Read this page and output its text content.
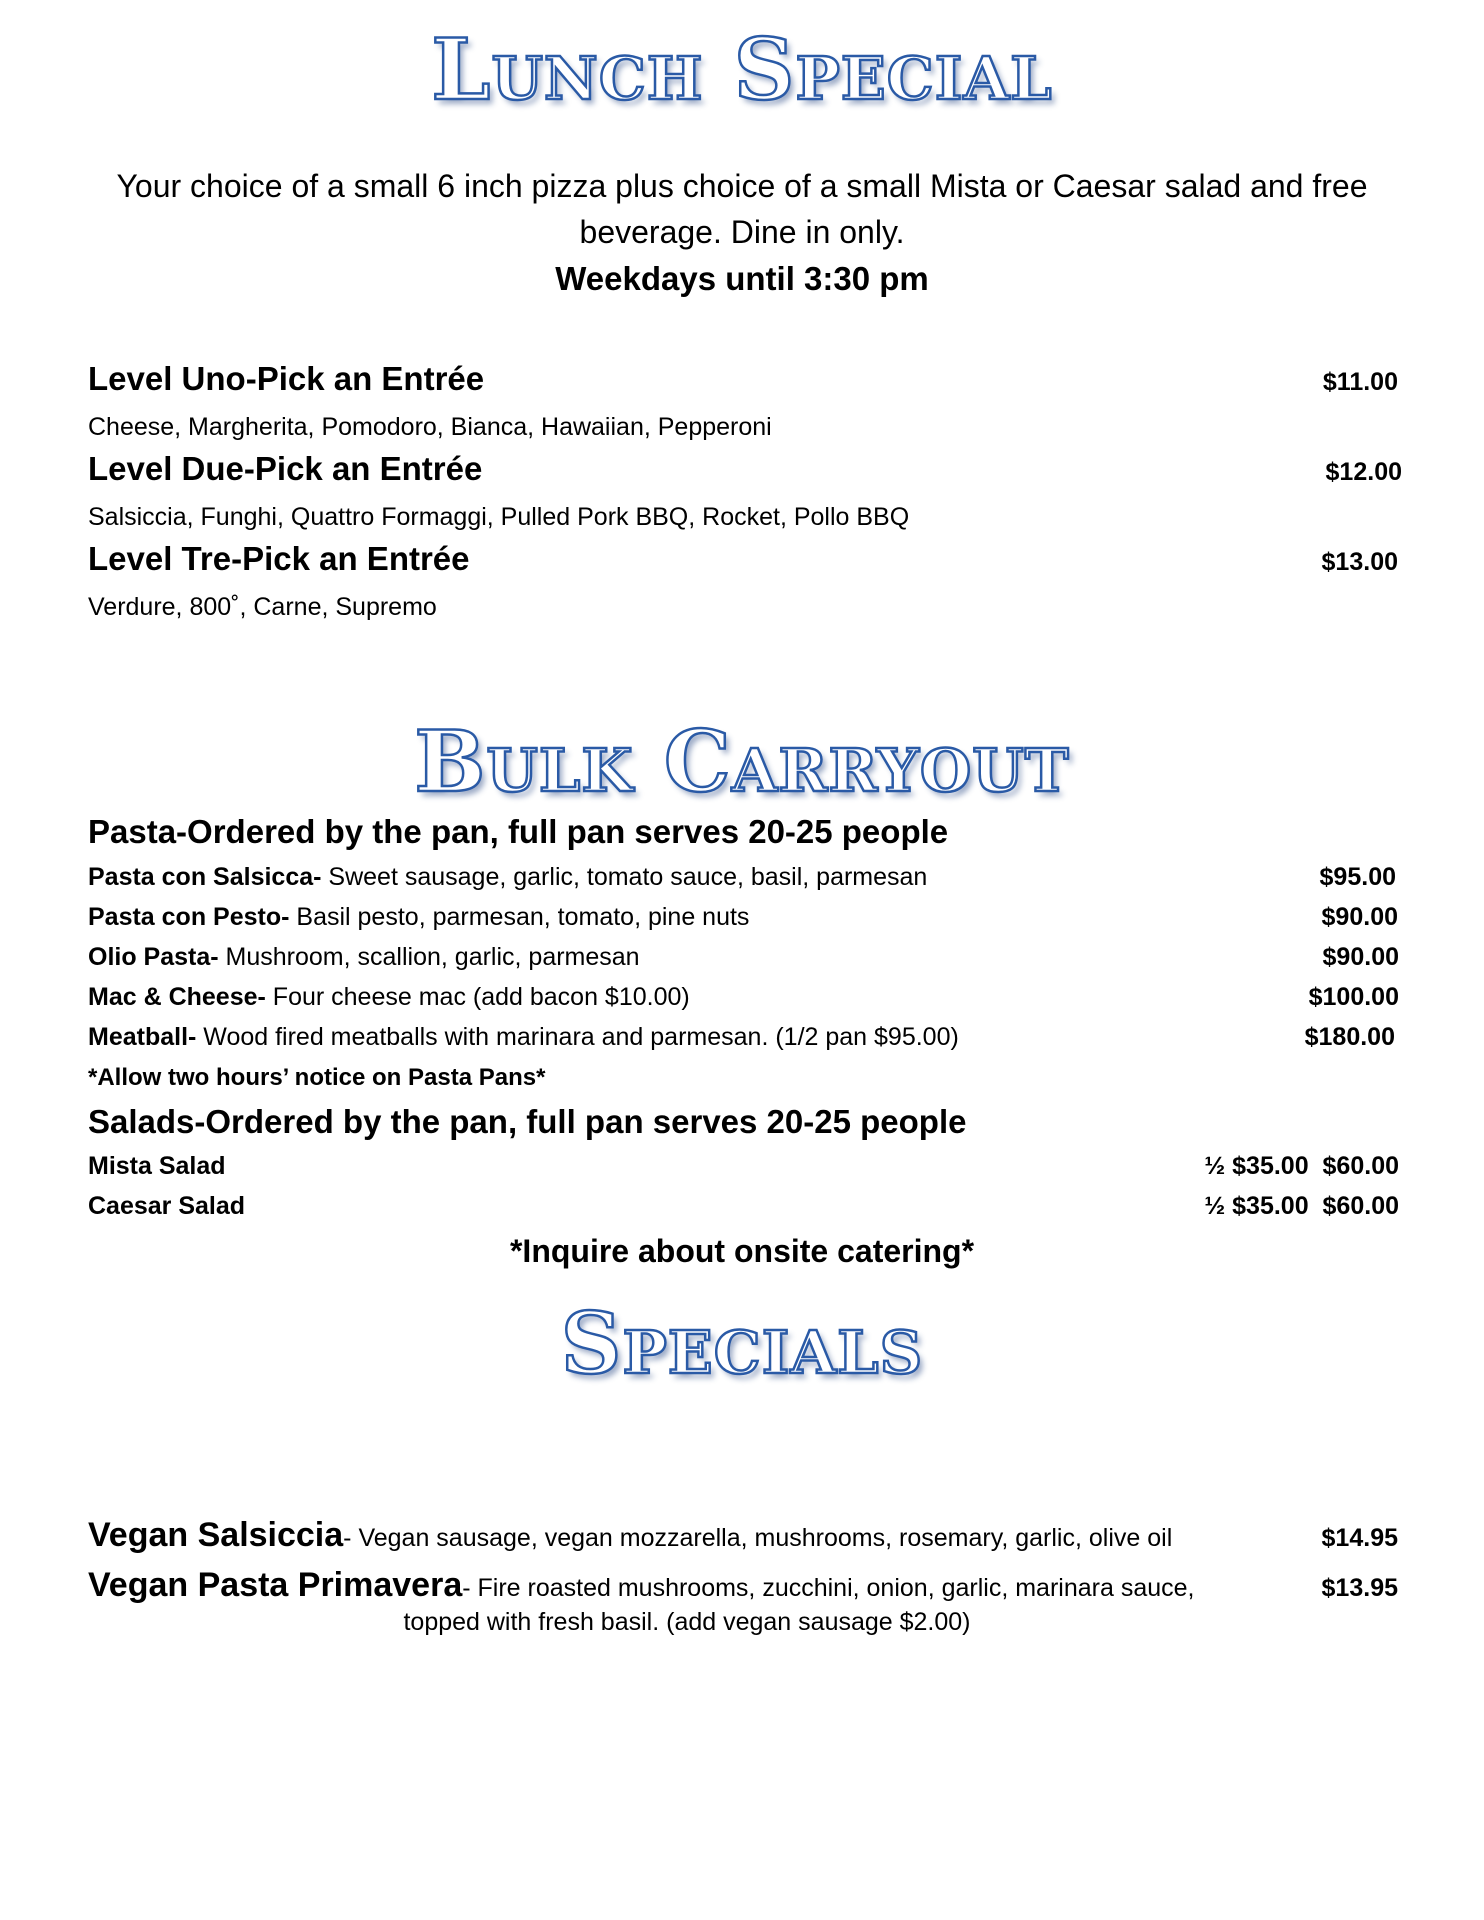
Lunch Special
Your choice of a small 6 inch pizza plus choice of a small Mista or Caesar salad and free beverage. Dine in only.
Weekdays until 3:30 pm
Level Uno-Pick an Entrée	$11.00
Cheese, Margherita, Pomodoro, Bianca, Hawaiian, Pepperoni
Level Due-Pick an Entrée	$12.00
Salsiccia, Funghi, Quattro Formaggi, Pulled Pork BBQ, Rocket, Pollo BBQ
Level Tre-Pick an Entrée	$13.00
Verdure, 800˚, Carne, Supremo
Bulk Carryout
Pasta-Ordered by the pan, full pan serves 20-25 people
Pasta con Salsicca- Sweet sausage, garlic, tomato sauce, basil, parmesan	$95.00
Pasta con Pesto- Basil pesto, parmesan, tomato, pine nuts	$90.00
Olio Pasta- Mushroom, scallion, garlic, parmesan	$90.00
Mac & Cheese- Four cheese mac (add bacon $10.00)	$100.00
Meatball- Wood fired meatballs with marinara and parmesan. (1/2 pan $95.00)	$180.00
*Allow two hours’ notice on Pasta Pans*
Salads-Ordered by the pan, full pan serves 20-25 people
Mista Salad	½ $35.00 $60.00
Caesar Salad	½ $35.00 $60.00
*Inquire about onsite catering*
Specials
Vegan Salsiccia- Vegan sausage, vegan mozzarella, mushrooms, rosemary, garlic, olive oil	$14.95
Vegan Pasta Primavera- Fire roasted mushrooms, zucchini, onion, garlic, marinara sauce,	$13.95
topped with fresh basil. (add vegan sausage $2.00)
